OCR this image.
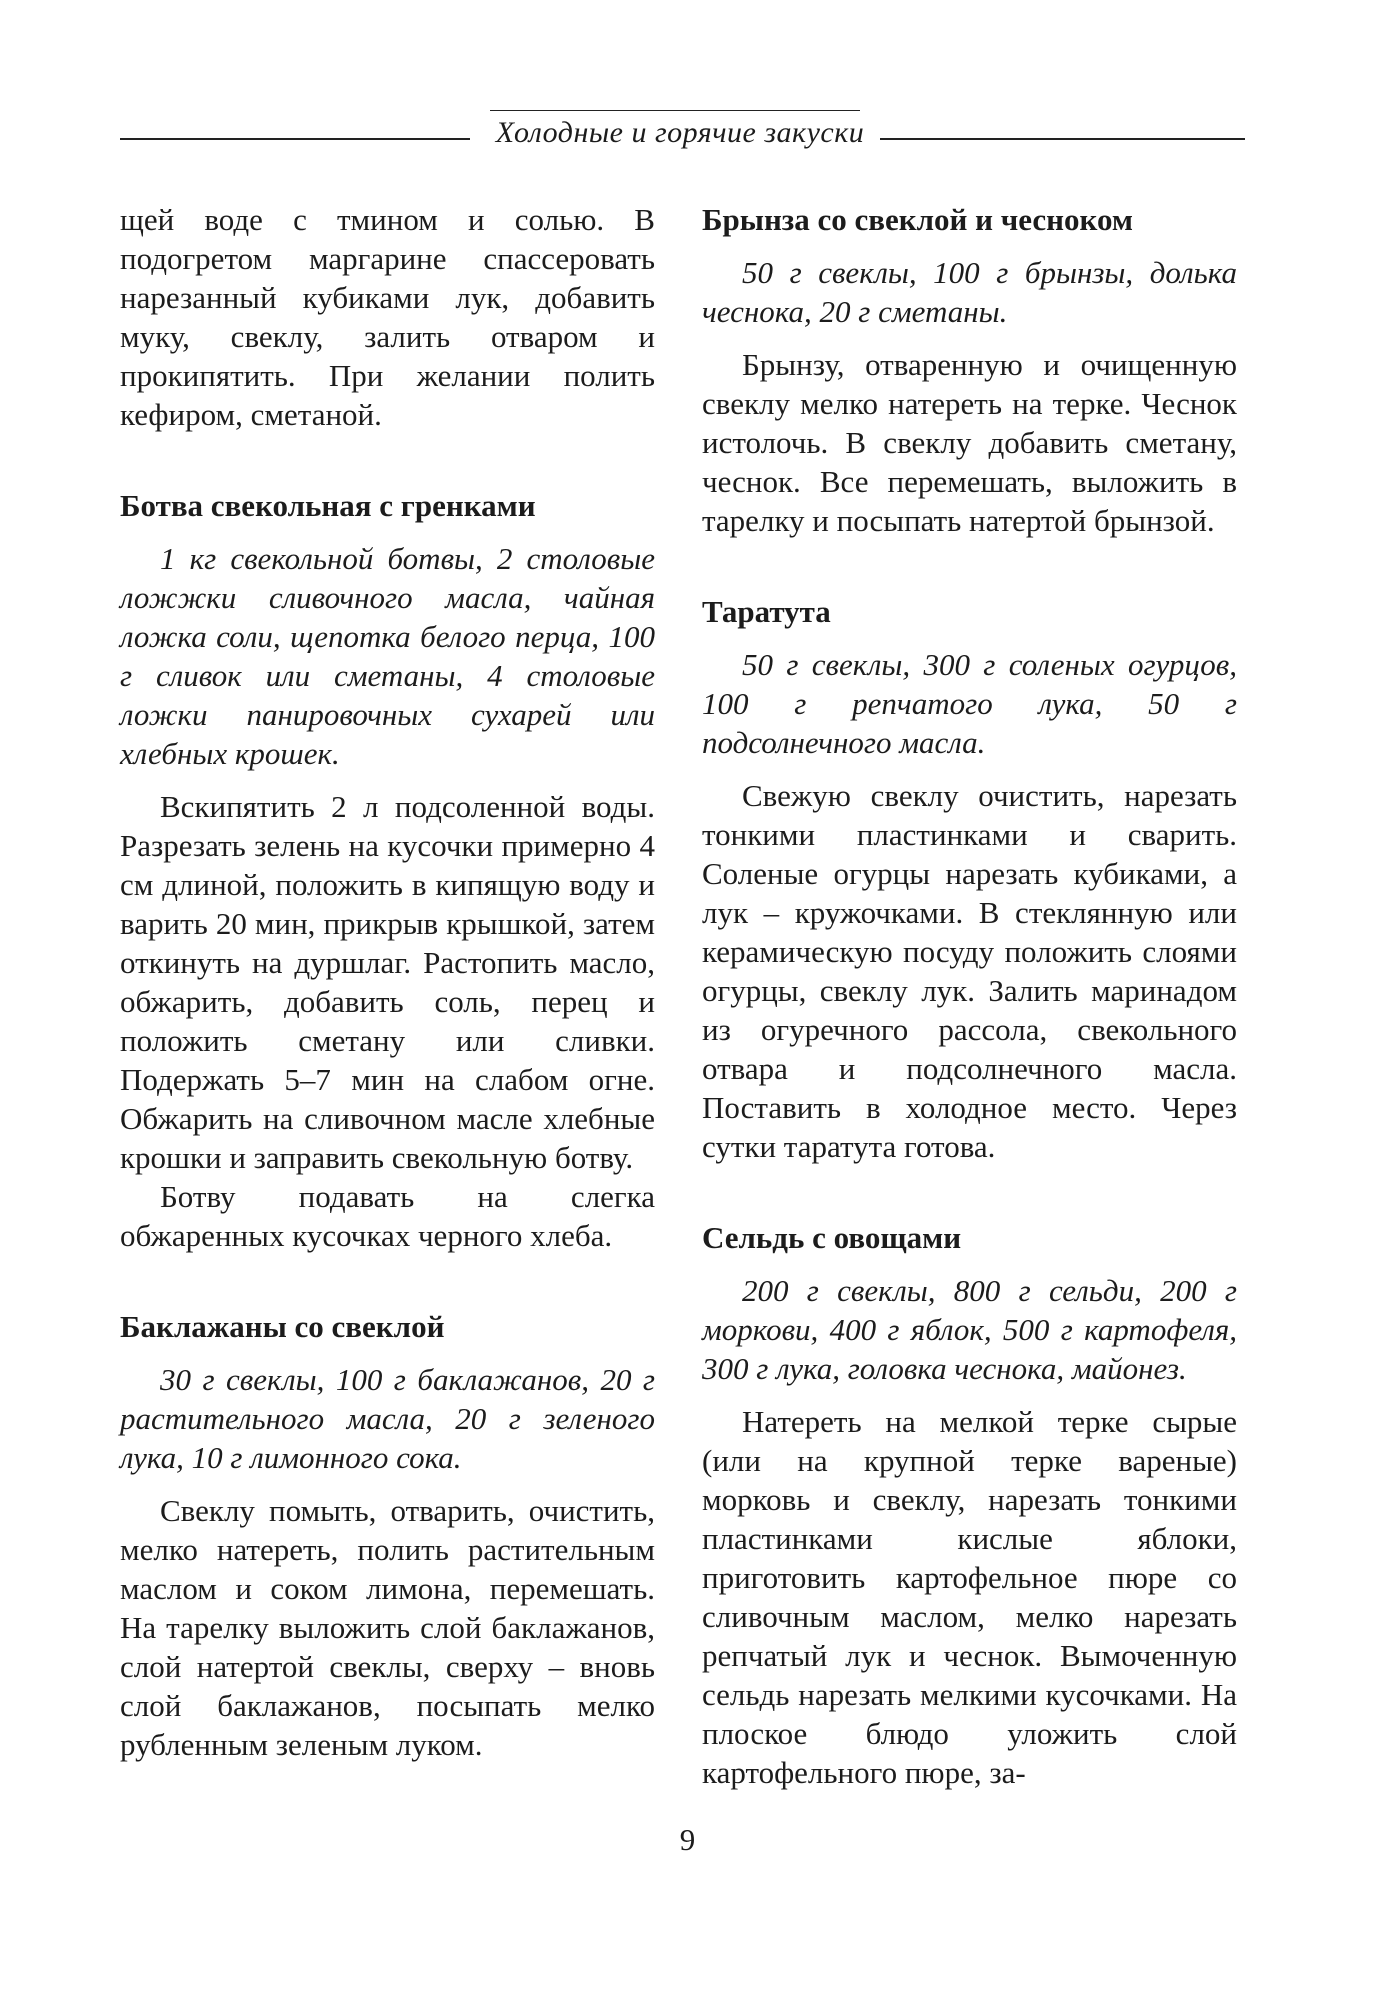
Холодные и горячие закуски

щей воде с тмином и солью. В подогретом маргарине спассеровать нарезанный кубиками лук, добавить муку, свеклу, залить отваром и прокипятить. При желании полить кефиром, сметаной.

Ботва свекольная с гренками

1 кг свекольной ботвы, 2 столовые ложжки сливочного масла, чайная ложка соли, щепотка белого перца, 100 г сливок или сметаны, 4 столовые ложки панировочных сухарей или хлебных крошек.

Вскипятить 2 л подсоленной воды. Разрезать зелень на кусочки примерно 4 см длиной, положить в кипящую воду и варить 20 мин, прикрыв крышкой, затем откинуть на дуршлаг. Растопить масло, обжарить, добавить соль, перец и положить сметану или сливки. Подержать 5–7 мин на слабом огне. Обжарить на сливочном масле хлебные крошки и заправить свекольную ботву.

Ботву подавать на слегка обжаренных кусочках черного хлеба.

Баклажаны со свеклой

30 г свеклы, 100 г баклажанов, 20 г растительного масла, 20 г зеленого лука, 10 г лимонного сока.

Свеклу помыть, отварить, очистить, мелко натереть, полить растительным маслом и соком лимона, перемешать. На тарелку выложить слой баклажанов, слой натертой свеклы, сверху – вновь слой баклажанов, посыпать мелко рубленным зеленым луком.

Брынза со свеклой и чесноком

50 г свеклы, 100 г брынзы, долька чеснока, 20 г сметаны.

Брынзу, отваренную и очищенную свеклу мелко натереть на терке. Чеснок истолочь. В свеклу добавить сметану, чеснок. Все перемешать, выложить в тарелку и посыпать натертой брынзой.

Таратута

50 г свеклы, 300 г соленых огурцов, 100 г репчатого лука, 50 г подсолнечного масла.

Свежую свеклу очистить, нарезать тонкими пластинками и сварить. Соленые огурцы нарезать кубиками, а лук – кружочками. В стеклянную или керамическую посуду положить слоями огурцы, свеклу лук. Залить маринадом из огуречного рассола, свекольного отвара и подсолнечного масла. Поставить в холодное место. Через сутки таратута готова.

Сельдь с овощами

200 г свеклы, 800 г сельди, 200 г моркови, 400 г яблок, 500 г картофеля, 300 г лука, головка чеснока, майонез.

Натереть на мелкой терке сырые (или на крупной терке вареные) морковь и свеклу, нарезать тонкими пластинками кислые яблоки, приготовить картофельное пюре со сливочным маслом, мелко нарезать репчатый лук и чеснок. Вымоченную сельдь нарезать мелкими кусочками. На плоское блюдо уложить слой картофельного пюре, за-

9
